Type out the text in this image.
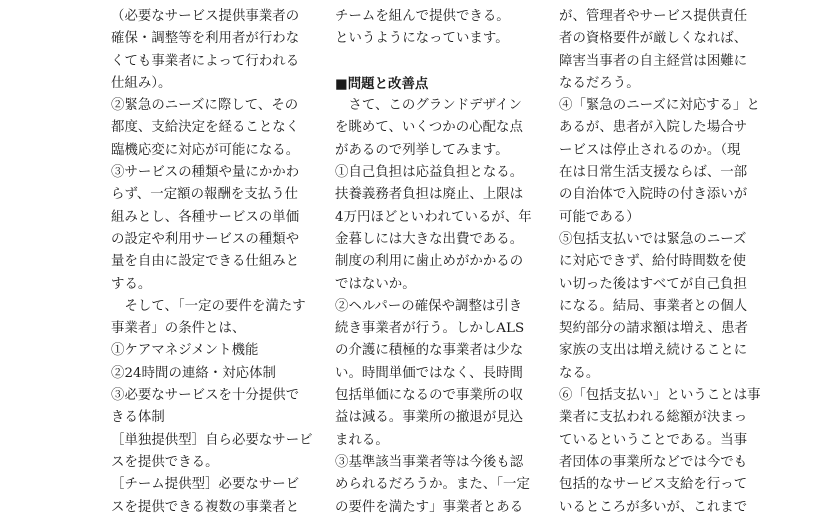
（必要なサービス提供事業者の
確保・調整等を利用者が行わな
くても事業者によって行われる
仕組み）。
②緊急のニーズに際して、その
都度、支給決定を経ることなく
臨機応変に対応が可能になる。
③サービスの種類や量にかかわ
らず、一定額の報酬を支払う仕
組みとし、各種サービスの単価
の設定や利用サービスの種類や
量を自由に設定できる仕組みと
する。
　そして、「一定の要件を満たす
事業者」の条件とは、
①ケアマネジメント機能
②24時間の連絡・対応体制
③必要なサービスを十分提供で
きる体制
［単独提供型］自ら必要なサービ
スを提供できる。
［チーム提供型］必要なサービ
スを提供できる複数の事業者と
チームを組んで提供できる。
というようになっています。
■問題と改善点
　さて、このグランドデザイン
を眺めて、いくつかの心配な点
があるので列挙してみます。
①自己負担は応益負担となる。
扶養義務者負担は廃止、上限は
4万円ほどといわれているが、年
金暮しには大きな出費である。
制度の利用に歯止めがかかるの
ではないか。
②ヘルパーの確保や調整は引き
続き事業者が行う。しかしALS
の介護に積極的な事業者は少な
い。時間単価ではなく、長時間
包括単価になるので事業所の収
益は減る。事業所の撤退が見込
まれる。
③基準該当事業者等は今後も認
められるだろうか。また、「一定
の要件を満たす」事業者とある
が、管理者やサービス提供責任
者の資格要件が厳しくなれば、
障害当事者の自主経営は困難に
なるだろう。
④「緊急のニーズに対応する」と
あるが、患者が入院した場合サ
ービスは停止されるのか。（現
在は日常生活支援ならば、一部
の自治体で入院時の付き添いが
可能である）
⑤包括支払いでは緊急のニーズ
に対応できず、給付時間数を使
い切った後はすべてが自己負担
になる。結局、事業者との個人
契約部分の請求額は増え、患者
家族の支出は増え続けることに
なる。
⑥「包括支払い」ということは事
業者に支払われる総額が決まっ
ているということである。当事
者団体の事業所などでは今でも
包括的なサービス支給を行って
いるところが多いが、これまで
